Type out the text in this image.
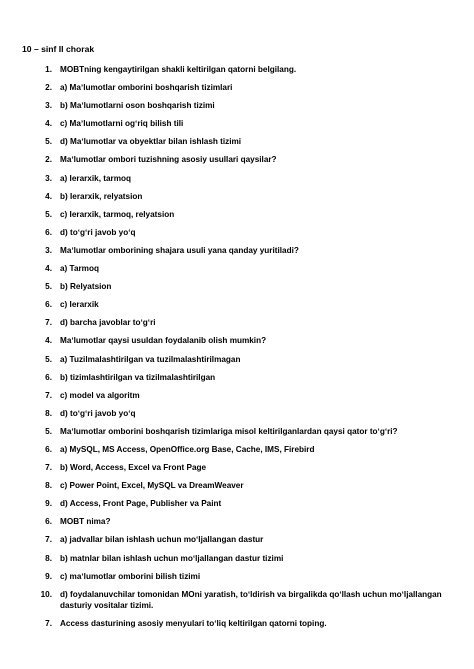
10 – sinf II chorak
1. MOBTning kengaytirilgan shakli keltirilgan qatorni belgilang.
2. a) Maʼlumotlar omborini boshqarish tizimlari
3. b) Maʼlumotlarni oson boshqarish tizimi
4. c) Maʼlumotlarni ogʻriq bilish tili
5. d) Maʼlumotlar va obyektlar bilan ishlash tizimi
2. Maʼlumotlar ombori tuzishning asosiy usullari qaysilar?
3. a) Ierarxik, tarmoq
4. b) Ierarxik, relyatsion
5. c) Ierarxik, tarmoq, relyatsion
6. d) toʻgʻri javob yoʻq
3. Maʼlumotlar omborining shajara usuli yana qanday yuritiladi?
4. a) Tarmoq
5. b) Relyatsion
6. c) Ierarxik
7. d) barcha javoblar toʻgʻri
4. Maʼlumotlar qaysi usuldan foydalanib olish mumkin?
5. a) Tuzilmalashtirilgan va tuzilmalashtirilmagan
6. b) tizimlashtirilgan va tizilmalashtirilgan
7. c) model va algoritm
8. d) toʻgʻri javob yoʻq
5. Maʼlumotlar omborini boshqarish tizimlariga misol keltirilganlardan qaysi qator toʻgʻri?
6. a) MySQL, MS Access, OpenOffice.org Base, Cache, IMS, Firebird
7. b) Word, Access, Excel va Front Page
8. c) Power Point, Excel, MySQL va DreamWeaver
9. d) Access, Front Page, Publisher va Paint
6. MOBT nima?
7. a) jadvallar bilan ishlash uchun moʻljallangan dastur
8. b) matnlar bilan ishlash uchun moʻljallangan dastur tizimi
9. c) maʼlumotlar omborini bilish tizimi
10. d) foydalanuvchilar tomonidan MOni yaratish, toʻldirish va birgalikda qoʻllash uchun moʻljallangan dasturiy vositalar tizimi.
7. Access dasturining asosiy menyulari toʻliq keltirilgan qatorni toping.
